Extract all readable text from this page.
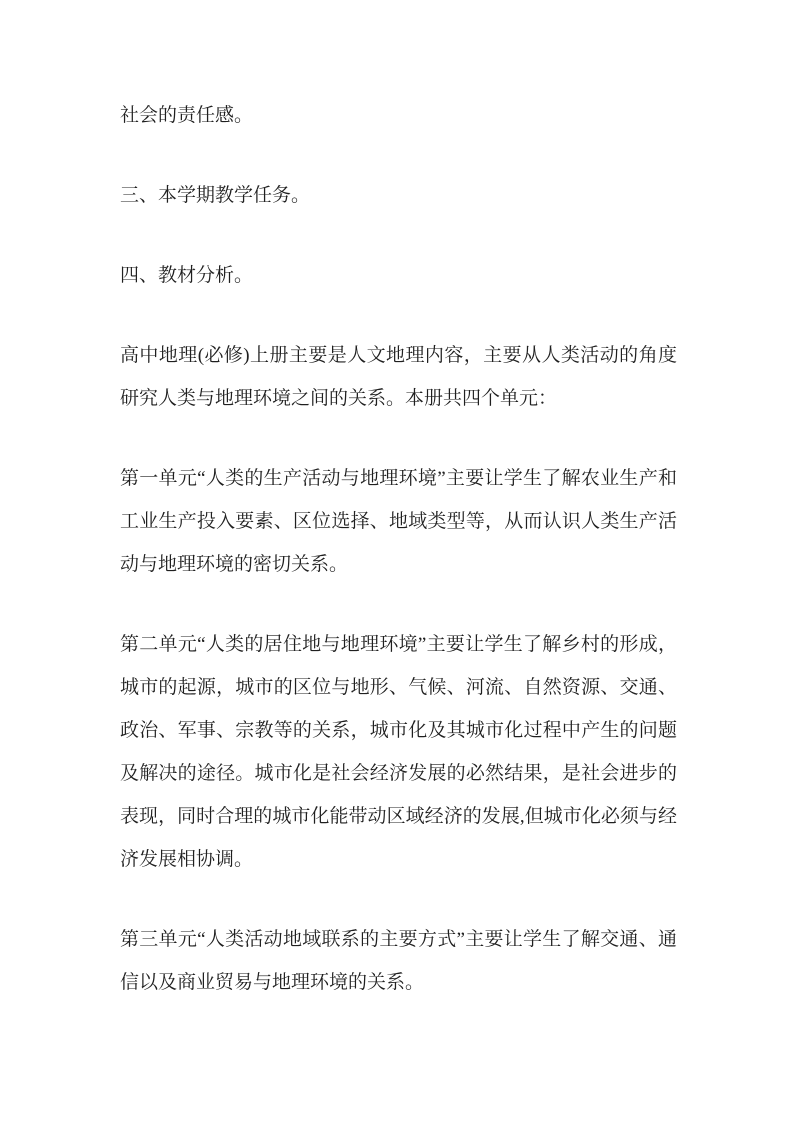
社会的责任感。

三、本学期教学任务。

四、教材分析。

高中地理(必修)上册主要是人文地理内容，主要从人类活动的角度研究人类与地理环境之间的关系。本册共四个单元：

第一单元“人类的生产活动与地理环境”主要让学生了解农业生产和工业生产投入要素、区位选择、地域类型等，从而认识人类生产活动与地理环境的密切关系。

第二单元“人类的居住地与地理环境”主要让学生了解乡村的形成，城市的起源，城市的区位与地形、气候、河流、自然资源、交通、政治、军事、宗教等的关系，城市化及其城市化过程中产生的问题及解决的途径。城市化是社会经济发展的必然结果，是社会进步的表现，同时合理的城市化能带动区域经济的发展,但城市化必须与经济发展相协调。

第三单元“人类活动地域联系的主要方式”主要让学生了解交通、通信以及商业贸易与地理环境的关系。
